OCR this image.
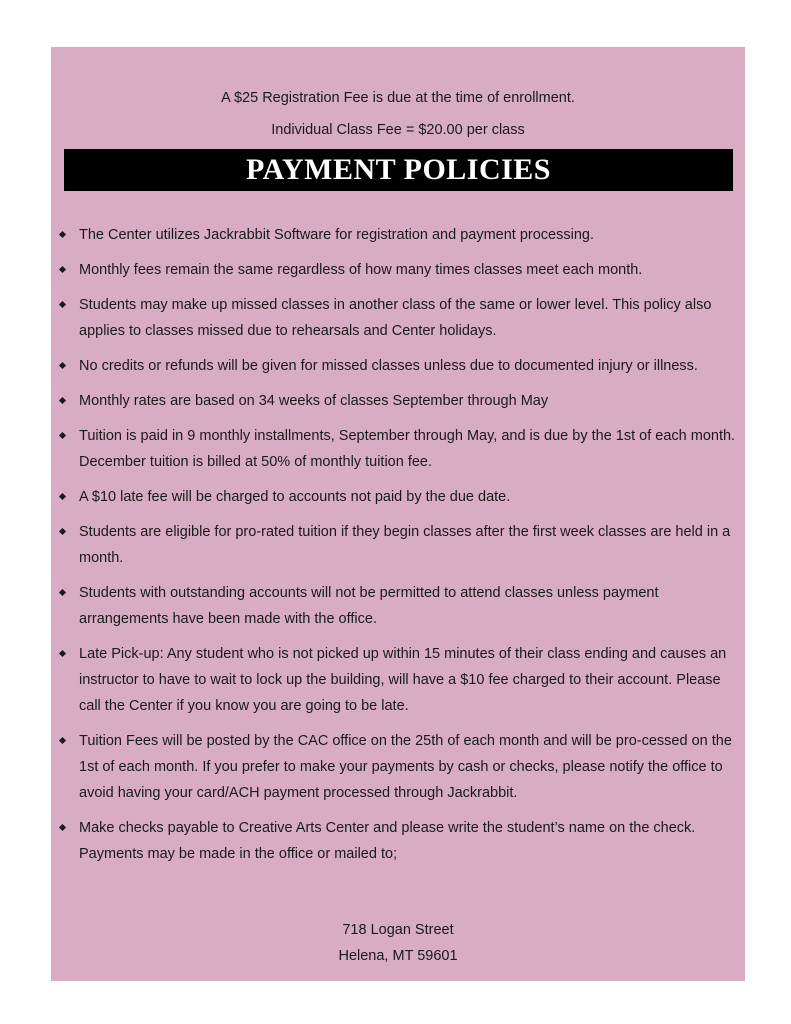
A $25 Registration Fee is due at the time of enrollment.
Individual Class Fee = $20.00 per class
PAYMENT POLICIES
The Center utilizes Jackrabbit Software for registration and payment processing.
Monthly fees remain the same regardless of how many times classes meet each month.
Students may make up missed classes in another class of the same or lower level. This policy also applies to classes missed due to rehearsals and Center holidays.
No credits or refunds will be given for missed classes unless due to documented injury or illness.
Monthly rates are based on 34 weeks of classes September through May
Tuition is paid in 9 monthly installments, September through May, and is due by the 1st of each month. December tuition is billed at 50% of monthly tuition fee.
A $10 late fee will be charged to accounts not paid by the due date.
Students are eligible for pro-rated tuition if they begin classes after the first week classes are held in a month.
Students with outstanding accounts will not be permitted to attend classes unless payment arrangements have been made with the office.
Late Pick-up: Any student who is not picked up within 15 minutes of their class ending and causes an instructor to have to wait to lock up the building, will have a $10 fee charged to their account. Please call the Center if you know you are going to be late.
Tuition Fees will be posted by the CAC office on the 25th of each month and will be pro-cessed on the 1st of each month. If you prefer to make your payments by cash or checks, please notify the office to avoid having your card/ACH payment processed through Jackrabbit.
Make checks payable to Creative Arts Center and please write the student’s name on the check. Payments may be made in the office or mailed to;
718 Logan Street
Helena, MT 59601
